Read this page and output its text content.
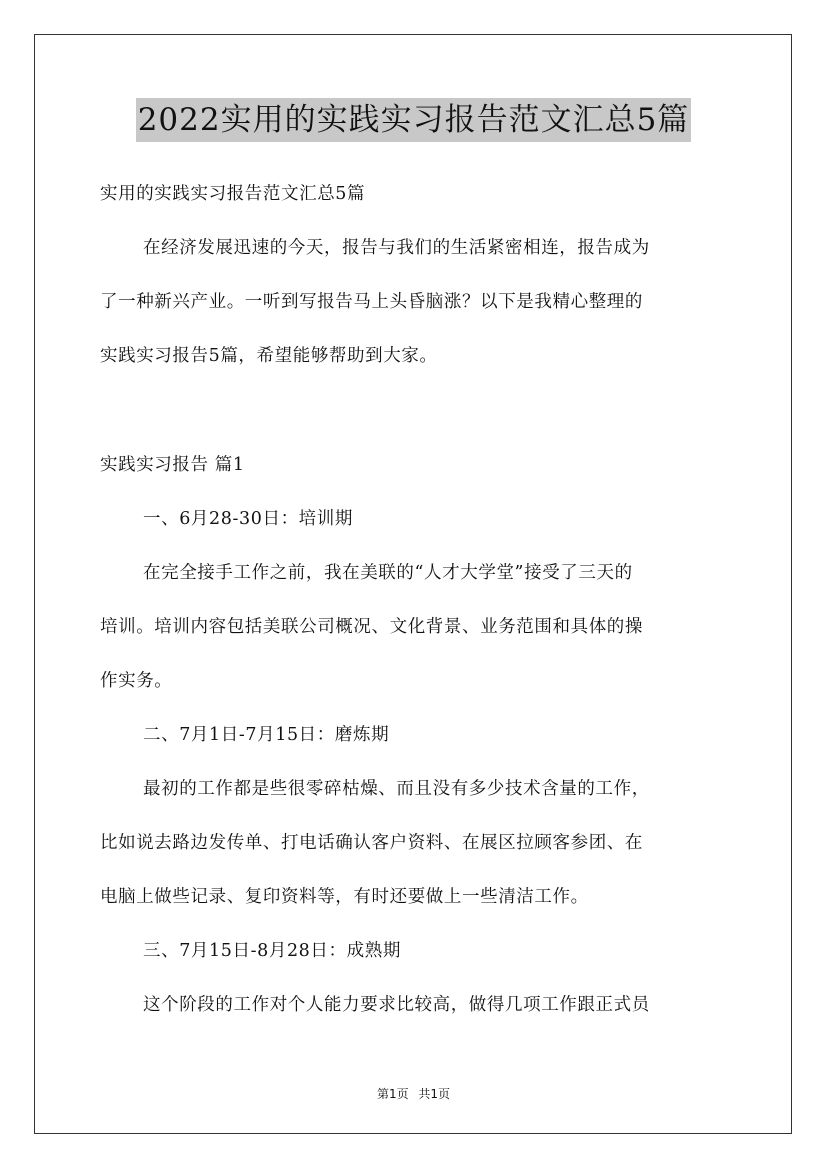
2022实用的实践实习报告范文汇总5篇
实用的实践实习报告范文汇总5篇
在经济发展迅速的今天，报告与我们的生活紧密相连，报告成为
了一种新兴产业。一听到写报告马上头昏脑涨？以下是我精心整理的
实践实习报告5篇，希望能够帮助到大家。
实践实习报告 篇1
一、6月28-30日：培训期
在完全接手工作之前，我在美联的“人才大学堂”接受了三天的
培训。培训内容包括美联公司概况、文化背景、业务范围和具体的操
作实务。
二、7月1日-7月15日：磨炼期
最初的工作都是些很零碎枯燥、而且没有多少技术含量的工作，
比如说去路边发传单、打电话确认客户资料、在展区拉顾客参团、在
电脑上做些记录、复印资料等，有时还要做上一些清洁工作。
三、7月15日-8月28日：成熟期
这个阶段的工作对个人能力要求比较高，做得几项工作跟正式员
第1页 共1页
